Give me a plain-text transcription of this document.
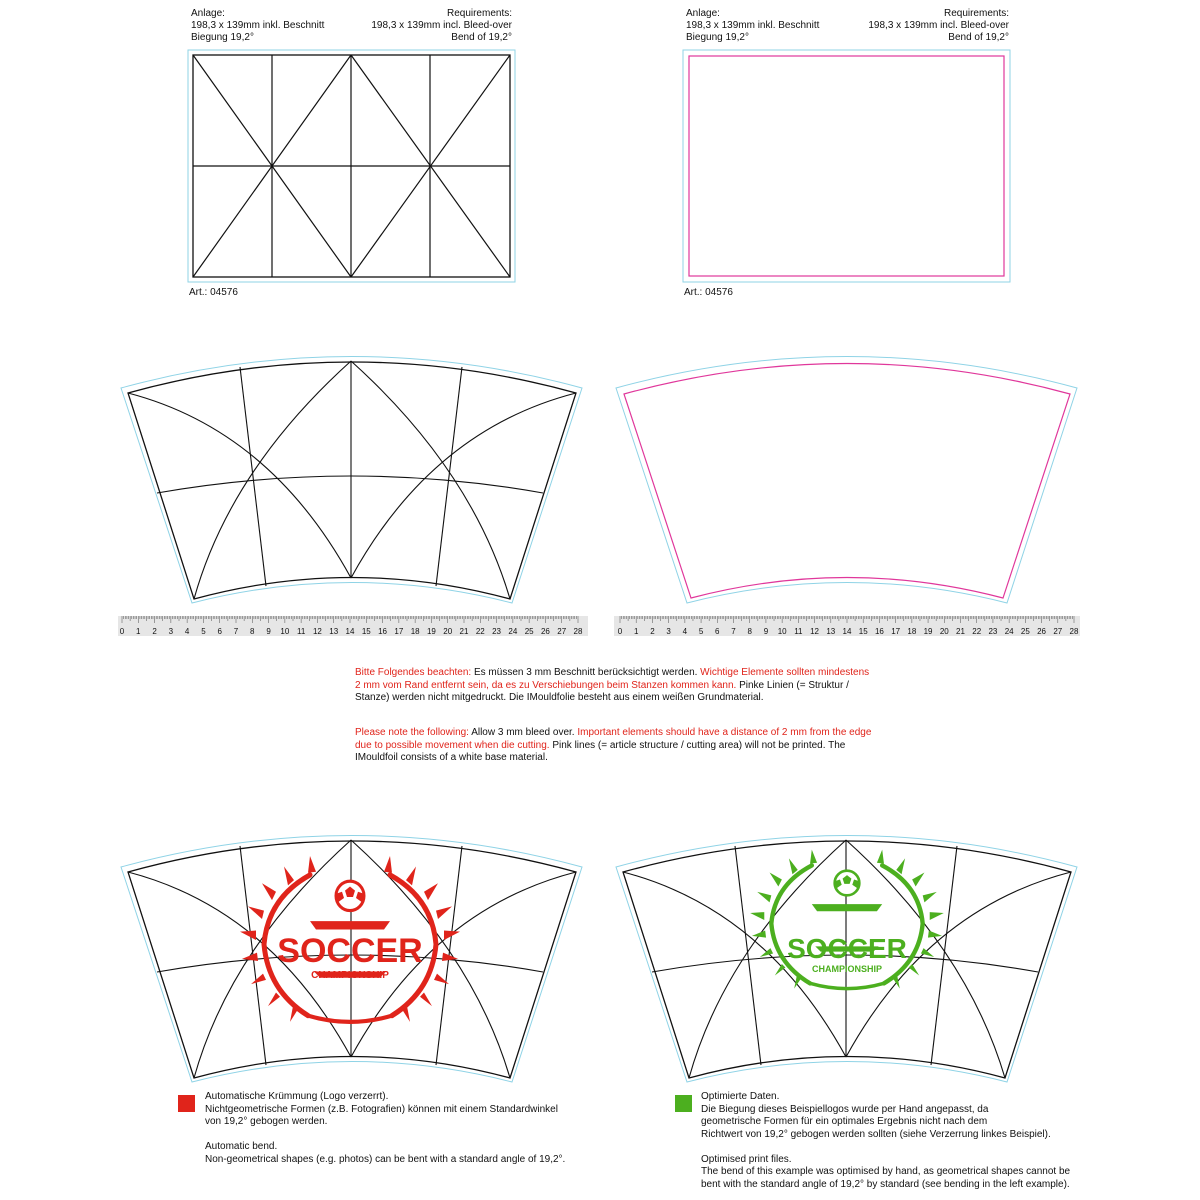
Anlage:
198,3 x 139mm inkl. Beschnitt
Biegung 19,2°
Requirements:
198,3 x 139mm incl. Bleed-over
Bend of 19,2°
Art.: 04576
Anlage:
198,3 x 139mm inkl. Beschnitt
Biegung 19,2°
Requirements:
198,3 x 139mm incl. Bleed-over
Bend of 19,2°
Art.: 04576
SOCCER
CHAMPIONSHIP
SOCCER
CHAMPIONSHIP
0 1 2 3 4 5 6 7 8 9 10 11 12 13 14 15 16 17 18 19 20 21 22 23 24 25 26 27 28	0 1 2 3 4 5 6 7 8 9 10 11 12 13 14 15 16 17 18 19 20 21 22 23 24 25 26 27 28
Bitte Folgendes beachten: Es müssen 3 mm Beschnitt berücksichtigt werden. Wichtige Elemente sollten mindestens 2 mm vom Rand entfernt sein, da es zu Verschiebungen beim Stanzen kommen kann. Pinke Linien (= Struktur / Stanze) werden nicht mitgedruckt. Die IMouldfolie besteht aus einem weißen Grundmaterial.
Please note the following: Allow 3 mm bleed over. Important elements should have a distance of 2 mm from the edge due to possible movement when die cutting. Pink lines (= article structure / cutting area) will not be printed. The IMouldfoil consists of a white base material.
Automatische Krümmung (Logo verzerrt).
Nichtgeometrische Formen (z.B. Fotografien) können mit einem Standardwinkel
von 19,2° gebogen werden.
Automatic bend.
Non-geometrical shapes (e.g. photos) can be bent with a standard angle of 19,2°.
Optimierte Daten.
Die Biegung dieses Beispiellogos wurde per Hand angepasst, da
geometrische Formen für ein optimales Ergebnis nicht nach dem
Richtwert von 19,2° gebogen werden sollten (siehe Verzerrung linkes Beispiel).
Optimised print files.
The bend of this example was optimised by hand, as geometrical shapes cannot be
bent with the standard angle of 19,2° by standard (see bending in the left example).
